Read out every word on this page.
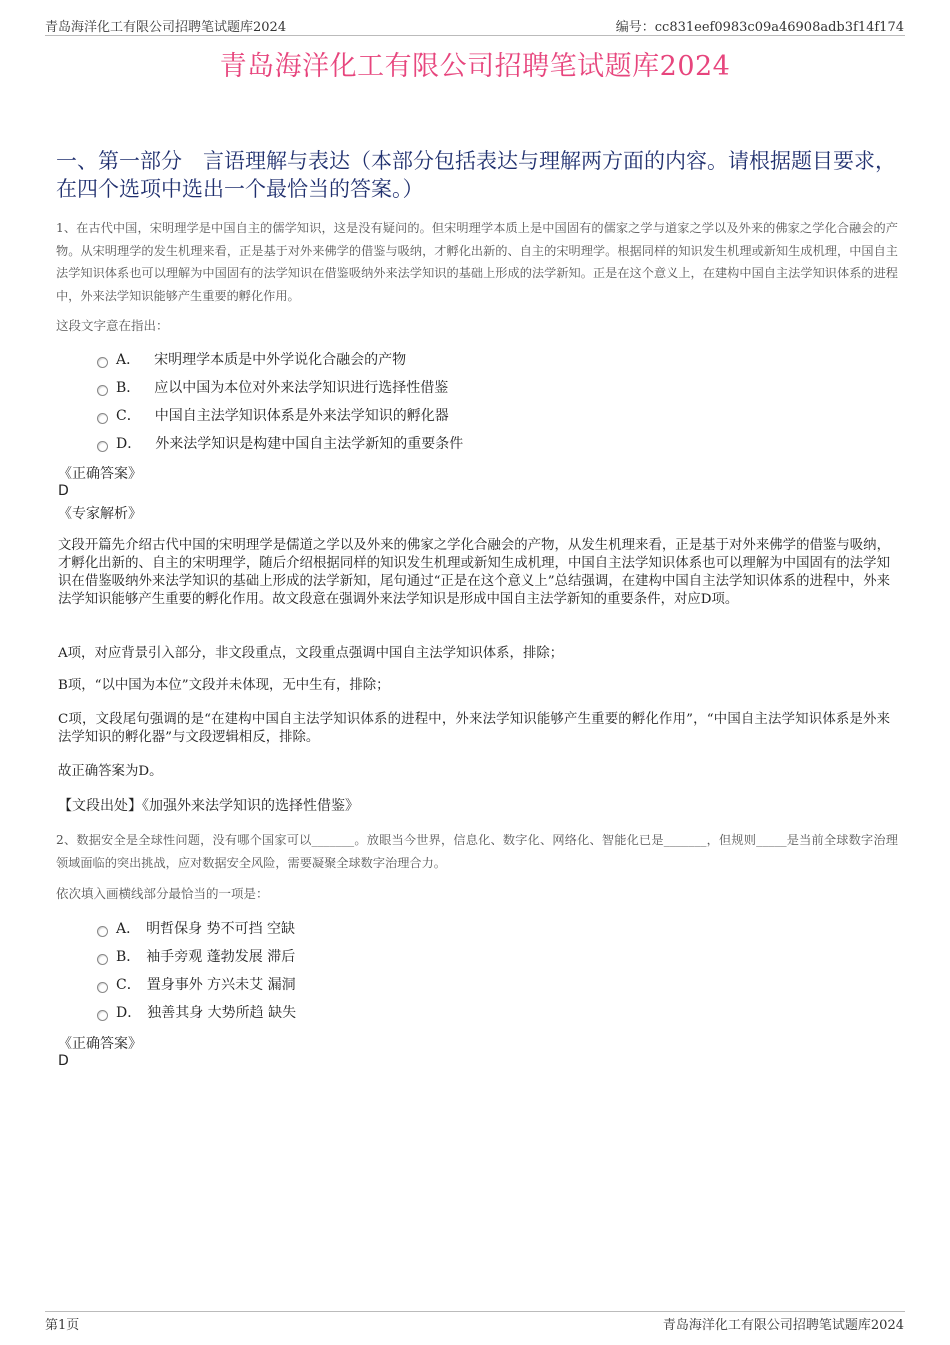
青岛海洋化工有限公司招聘笔试题库2024	编号：cc831eef0983c09a46908adb3f14f174
青岛海洋化工有限公司招聘笔试题库2024
一、第一部分　言语理解与表达（本部分包括表达与理解两方面的内容。请根据题目要求，在四个选项中选出一个最恰当的答案。）
1、在古代中国，宋明理学是中国自主的儒学知识，这是没有疑问的。但宋明理学本质上是中国固有的儒家之学与道家之学以及外来的佛家之学化合融会的产物。从宋明理学的发生机理来看，正是基于对外来佛学的借鉴与吸纳，才孵化出新的、自主的宋明理学。根据同样的知识发生机理或新知生成机理，中国自主法学知识体系也可以理解为中国固有的法学知识在借鉴吸纳外来法学知识的基础上形成的法学新知。正是在这个意义上，在建构中国自主法学知识体系的进程中，外来法学知识能够产生重要的孵化作用。
这段文字意在指出：
A． 宋明理学本质是中外学说化合融会的产物
B． 应以中国为本位对外来法学知识进行选择性借鉴
C． 中国自主法学知识体系是外来法学知识的孵化器
D． 外来法学知识是构建中国自主法学新知的重要条件
《正确答案》
D
《专家解析》
文段开篇先介绍古代中国的宋明理学是儒道之学以及外来的佛家之学化合融会的产物，从发生机理来看，正是基于对外来佛学的借鉴与吸纳，才孵化出新的、自主的宋明理学，随后介绍根据同样的知识发生机理或新知生成机理，中国自主法学知识体系也可以理解为中国固有的法学知识在借鉴吸纳外来法学知识的基础上形成的法学新知，尾句通过“正是在这个意义上”总结强调，在建构中国自主法学知识体系的进程中，外来法学知识能够产生重要的孵化作用。故文段意在强调外来法学知识是形成中国自主法学新知的重要条件，对应D项。
A项，对应背景引入部分，非文段重点，文段重点强调中国自主法学知识体系，排除；
B项，“以中国为本位”文段并未体现，无中生有，排除；
C项，文段尾句强调的是“在建构中国自主法学知识体系的进程中，外来法学知识能够产生重要的孵化作用”，“中国自主法学知识体系是外来法学知识的孵化器”与文段逻辑相反，排除。
故正确答案为D。
【文段出处】《加强外来法学知识的选择性借鉴》
2、数据安全是全球性问题，没有哪个国家可以_______。放眼当今世界，信息化、数字化、网络化、智能化已是_______，但规则_____是当前全球数字治理领域面临的突出挑战，应对数据安全风险，需要凝聚全球数字治理合力。
依次填入画横线部分最恰当的一项是：
A． 明哲保身 势不可挡 空缺
B． 袖手旁观 蓬勃发展 滞后
C． 置身事外 方兴未艾 漏洞
D． 独善其身 大势所趋 缺失
《正确答案》
D
第1页	青岛海洋化工有限公司招聘笔试题库2024
